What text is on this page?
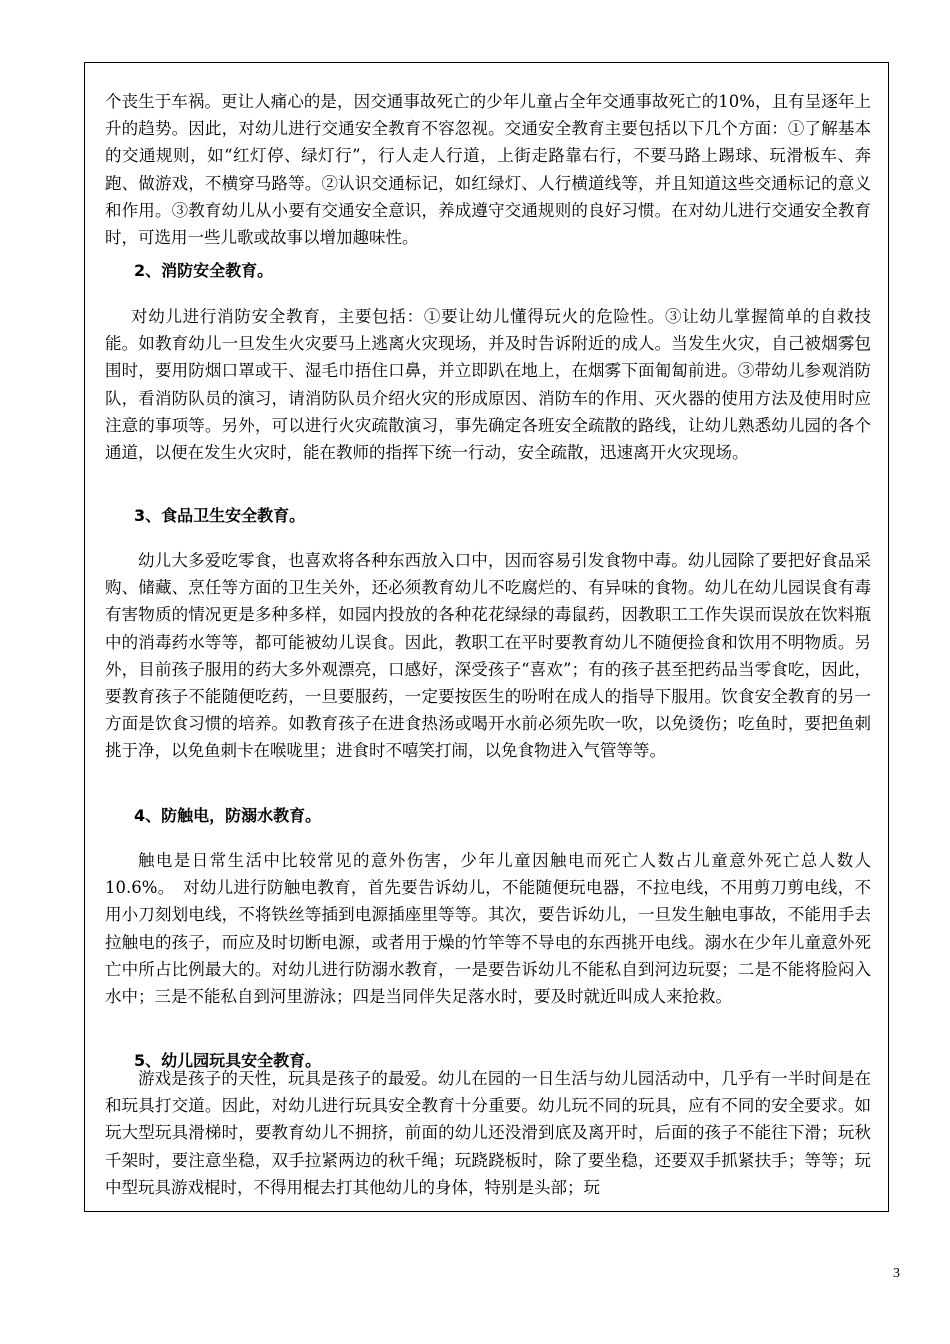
个丧生于车祸。更让人痛心的是，因交通事故死亡的少年儿童占全年交通事故死亡的10%，且有呈逐年上升的趋势。因此，对幼儿进行交通安全教育不容忽视。交通安全教育主要包括以下几个方面：①了解基本的交通规则，如“红灯停、绿灯行”，行人走人行道，上街走路靠右行，不要马路上踢球、玩滑板车、奔跑、做游戏，不横穿马路等。②认识交通标记，如红绿灯、人行横道线等，并且知道这些交通标记的意义和作用。③教育幼儿从小要有交通安全意识，养成遵守交通规则的良好习惯。在对幼儿进行交通安全教育时，可选用一些儿歌或故事以增加趣味性。

2、消防安全教育。

对幼儿进行消防安全教育，主要包括：①要让幼儿懂得玩火的危险性。③让幼儿掌握简单的自救技能。如教育幼儿一旦发生火灾要马上逃离火灾现场，并及时告诉附近的成人。当发生火灾，自己被烟雾包围时，要用防烟口罩或干、湿毛巾捂住口鼻，并立即趴在地上，在烟雾下面匍匐前进。③带幼儿参观消防队，看消防队员的演习，请消防队员介绍火灾的形成原因、消防车的作用、灭火器的使用方法及使用时应注意的事项等。另外，可以进行火灾疏散演习，事先确定各班安全疏散的路线，让幼儿熟悉幼儿园的各个通道，以便在发生火灾时，能在教师的指挥下统一行动，安全疏散，迅速离开火灾现场。

3、食品卫生安全教育。

幼儿大多爱吃零食，也喜欢将各种东西放入口中，因而容易引发食物中毒。幼儿园除了要把好食品采购、储藏、烹任等方面的卫生关外，还必须教育幼儿不吃腐烂的、有异味的食物。幼儿在幼儿园误食有毒有害物质的情况更是多种多样，如园内投放的各种花花绿绿的毒鼠药，因教职工工作失误而误放在饮料瓶中的消毒药水等等，都可能被幼儿误食。因此，教职工在平时要教育幼儿不随便捡食和饮用不明物质。另外，目前孩子服用的药大多外观漂亮，口感好，深受孩子“喜欢”；有的孩子甚至把药品当零食吃，因此，要教育孩子不能随便吃药，一旦要服药，一定要按医生的吩咐在成人的指导下服用。饮食安全教育的另一方面是饮食习惯的培养。如教育孩子在进食热汤或喝开水前必须先吹一吹，以免烫伤；吃鱼时，要把鱼刺挑于净，以免鱼刺卡在喉咙里；进食时不嘻笑打闹，以免食物进入气管等等。

4、防触电，防溺水教育。

触电是日常生活中比较常见的意外伤害，少年儿童因触电而死亡人数占儿童意外死亡总人数人10.6%。　对幼儿进行防触电教育，首先要告诉幼儿，不能随便玩电器，不拉电线，不用剪刀剪电线，不用小刀刻划电线，不将铁丝等插到电源插座里等等。其次，要告诉幼儿，一旦发生触电事故，不能用手去拉触电的孩子，而应及时切断电源，或者用于燥的竹竿等不导电的东西挑开电线。溺水在少年儿童意外死亡中所占比例最大的。对幼儿进行防溺水教育，一是要告诉幼儿不能私自到河边玩耍；二是不能将脸闷入水中；三是不能私自到河里游泳；四是当同伴失足落水时，要及时就近叫成人来抢救。

5、幼儿园玩具安全教育。

游戏是孩子的天性，玩具是孩子的最爱。幼儿在园的一日生活与幼儿园活动中，几乎有一半时间是在和玩具打交道。因此，对幼儿进行玩具安全教育十分重要。幼儿玩不同的玩具，应有不同的安全要求。如玩大型玩具滑梯时，要教育幼儿不拥挤，前面的幼儿还没滑到底及离开时，后面的孩子不能往下滑；玩秋千架时，要注意坐稳，双手拉紧两边的秋千绳；玩跷跷板时，除了要坐稳，还要双手抓紧扶手；等等；玩中型玩具游戏棍时，不得用棍去打其他幼儿的身体，特别是头部；玩

3
